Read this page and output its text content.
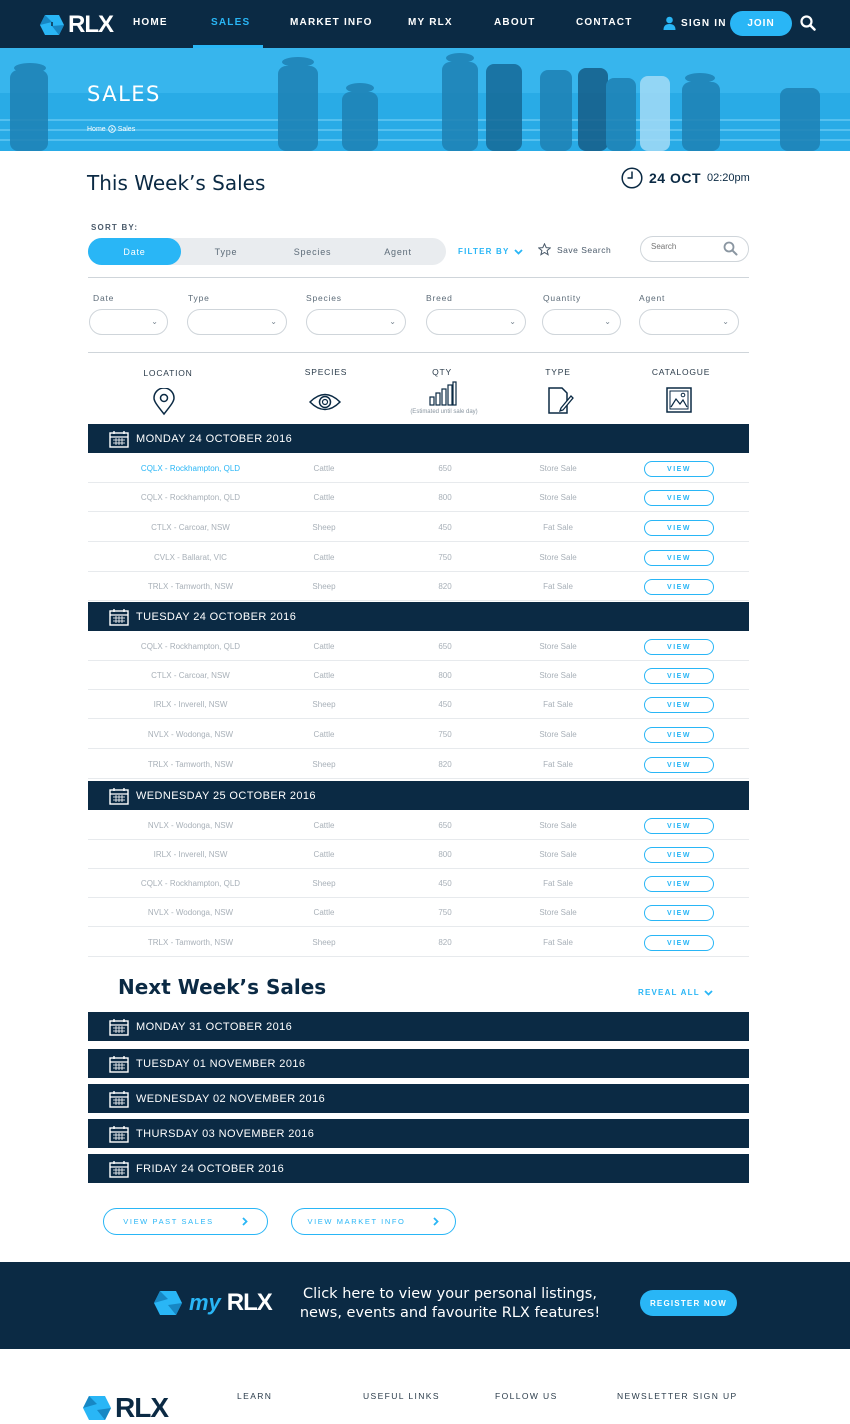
RLX HOME	SALES	MARKET INFO	MY RLX	ABOUT	CONTACT	SIGN IN	JOIN
SALES
Home Sales
This Week’s Sales	24 OCT 02:20pm
SORT BY:
Date	Type	Species	Agent	FILTER BY	Save Search
Search
Date	Type	Species	Breed	Quantity	Agent
⌄	⌄	⌄	⌄	⌄	⌄
LOCATION	SPECIES	QTY	TYPE	CATALOGUE
(Estimated until sale day)
MONDAY 24 OCTOBER 2016
CQLX - Rockhampton, QLD	Cattle	650	Store Sale	VIEW
CQLX - Rockhampton, QLD	Cattle	800	Store Sale	VIEW
CTLX - Carcoar, NSW	Sheep	450	Fat Sale	VIEW
CVLX - Ballarat, VIC	Cattle	750	Store Sale	VIEW
TRLX - Tamworth, NSW	Sheep	820	Fat Sale	VIEW
TUESDAY 24 OCTOBER 2016
CQLX - Rockhampton, QLD	Cattle	650	Store Sale	VIEW
CTLX - Carcoar, NSW	Cattle	800	Store Sale	VIEW
IRLX - Inverell, NSW	Sheep	450	Fat Sale	VIEW
NVLX - Wodonga, NSW	Cattle	750	Store Sale	VIEW
TRLX - Tamworth, NSW	Sheep	820	Fat Sale	VIEW
WEDNESDAY 25 OCTOBER 2016
NVLX - Wodonga, NSW	Cattle	650	Store Sale	VIEW
IRLX - Inverell, NSW	Cattle	800	Store Sale	VIEW
CQLX - Rockhampton, QLD	Sheep	450	Fat Sale	VIEW
NVLX - Wodonga, NSW	Cattle	750	Store Sale	VIEW
TRLX - Tamworth, NSW	Sheep	820	Fat Sale	VIEW
Next Week’s Sales	REVEAL ALL
MONDAY 31 OCTOBER 2016
TUESDAY 01 NOVEMBER 2016
WEDNESDAY 02 NOVEMBER 2016
THURSDAY 03 NOVEMBER 2016
FRIDAY 24 OCTOBER 2016
VIEW PAST SALES	VIEW MARKET INFO
my RLX	Click here to view your personal listings, news, events and favourite RLX features!
REGISTER NOW
RLX	LEARN	USEFUL LINKS	FOLLOW US	NEWSLETTER SIGN UP
